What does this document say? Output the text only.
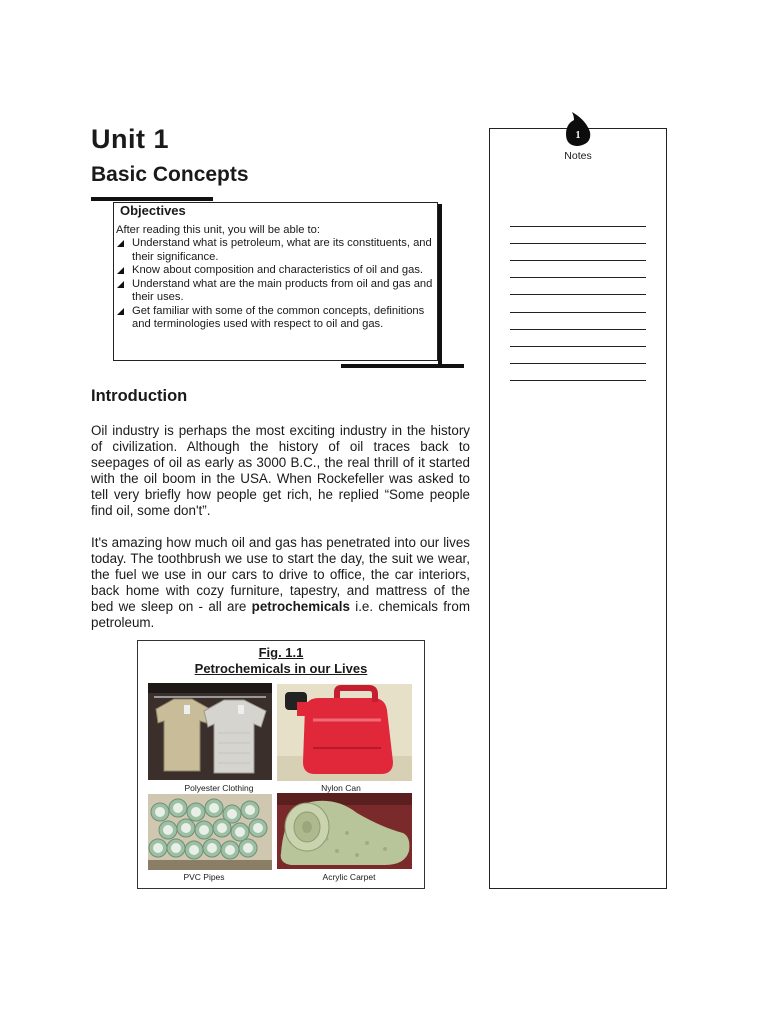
Unit 1
Basic Concepts
Objectives

After reading this unit, you will be able to:

Understand what is petroleum, what are its constituents, and their significance.
Know about composition and characteristics of oil and gas.
Understand what are the main products from oil and gas and their uses.
Get familiar with some of the common concepts, definitions and terminologies used with respect to oil and gas.
Introduction

Oil industry is perhaps the most exciting industry in the history of civilization. Although the history of oil traces back to seepages of oil as early as 3000 B.C., the real thrill of it started with the oil boom in the USA. When Rockefeller was asked to tell very briefly how people get rich, he replied “Some people find oil, some don't”.

It's amazing how much oil and gas has penetrated into our lives today. The toothbrush we use to start the day, the suit we wear, the fuel we use in our cars to drive to office, the car interiors, back home with cozy furniture, tapestry, and mattress of the bed we sleep on - all are petrochemicals i.e. chemicals from petroleum.

Fig. 1.1

Petrochemicals in our Lives

Polyester Clothing	Nylon Can
PVC Pipes	Acrylic Carpet
1

Notes
